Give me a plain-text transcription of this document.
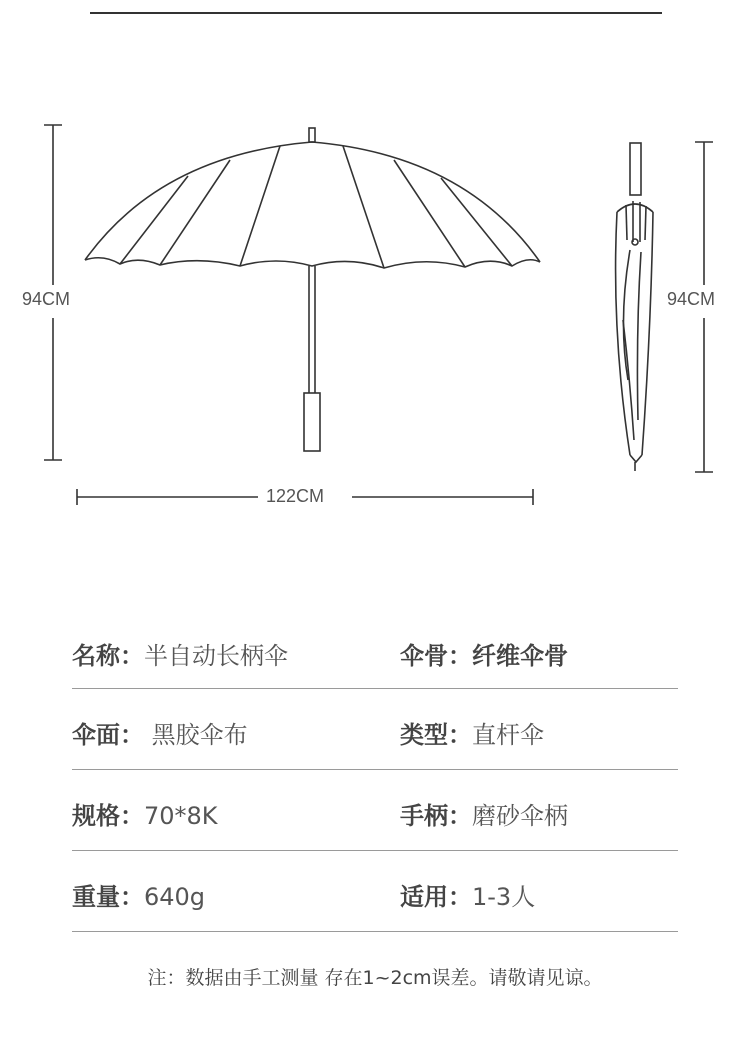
94CM
122CM
94CM
名称：半自动长柄伞	伞骨：纤维伞骨
伞面： 黑胶伞布	类型：直杆伞
规格：70*8K	手柄：磨砂伞柄
重量：640g	适用：1-3人
注：数据由手工测量 存在1~2cm误差。请敬请见谅。
